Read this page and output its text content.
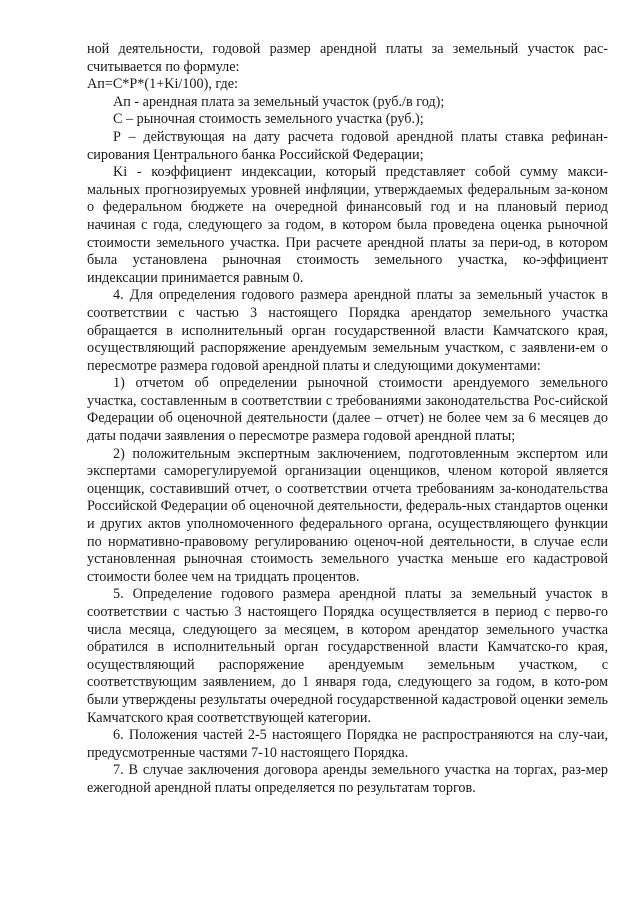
ной деятельности, годовой размер арендной платы за земельный участок рас-считывается по формуле:

Ап=С*Р*(1+Ki/100), где:

Ап - арендная плата за земельный участок (руб./в год);

С – рыночная стоимость земельного участка (руб.);

Р – действующая на дату расчета годовой арендной платы ставка рефинан-сирования Центрального банка Российской Федерации;

Ki - коэффициент индексации, который представляет собой сумму макси-мальных прогнозируемых уровней инфляции, утверждаемых федеральным за-коном о федеральном бюджете на очередной финансовый год и на плановый период начиная с года, следующего за годом, в котором была проведена оценка рыночной стоимости земельного участка. При расчете арендной платы за пери-од, в котором была установлена рыночная стоимость земельного участка, ко-эффициент индексации принимается равным 0.

4. Для определения годового размера арендной платы за земельный участок в соответствии с частью 3 настоящего Порядка арендатор земельного участка обращается в исполнительный орган государственной власти Камчатского края, осуществляющий распоряжение арендуемым земельным участком, с заявлени-ем о пересмотре размера годовой арендной платы и следующими документами:

1) отчетом об определении рыночной стоимости арендуемого земельного участка, составленным в соответствии с требованиями законодательства Рос-сийской Федерации об оценочной деятельности (далее – отчет) не более чем за 6 месяцев до даты подачи заявления о пересмотре размера годовой арендной платы;

2) положительным экспертным заключением, подготовленным экспертом или экспертами саморегулируемой организации оценщиков, членом которой является оценщик, составивший отчет, о соответствии отчета требованиям за-конодательства Российской Федерации об оценочной деятельности, федераль-ных стандартов оценки и других актов уполномоченного федерального органа, осуществляющего функции по нормативно-правовому регулированию оценоч-ной деятельности, в случае если установленная рыночная стоимость земельного участка меньше его кадастровой стоимости более чем на тридцать процентов.

5. Определение годового размера арендной платы за земельный участок в соответствии с частью 3 настоящего Порядка осуществляется в период с перво-го числа месяца, следующего за месяцем, в котором арендатор земельного участка обратился в исполнительный орган государственной власти Камчатско-го края, осуществляющий распоряжение арендуемым земельным участком, с соответствующим заявлением, до 1 января года, следующего за годом, в кото-ром были утверждены результаты очередной государственной кадастровой оценки земель Камчатского края соответствующей категории.

6. Положения частей 2-5 настоящего Порядка не распространяются на слу-чаи, предусмотренные частями 7-10 настоящего Порядка.

7. В случае заключения договора аренды земельного участка на торгах, раз-мер ежегодной арендной платы определяется по результатам торгов.
